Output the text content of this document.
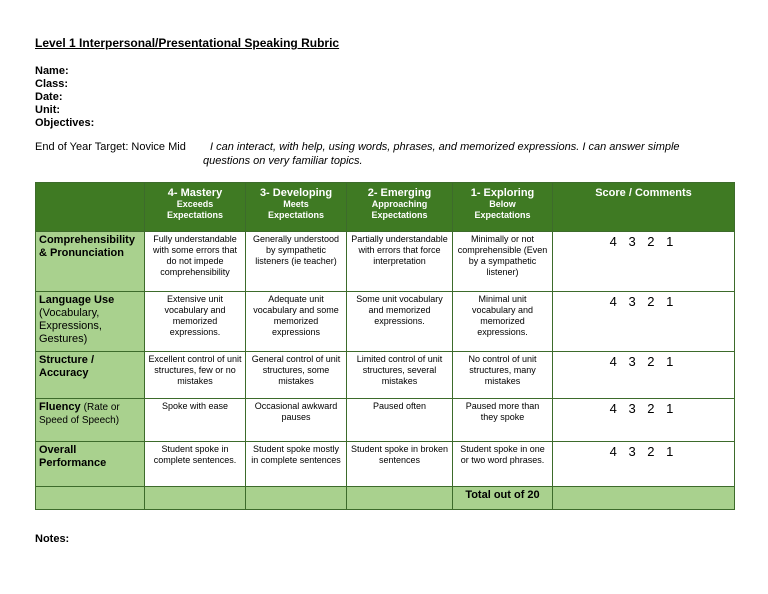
Level 1 Interpersonal/Presentational Speaking Rubric
Name:
Class:
Date:
Unit:
Objectives:
End of Year Target: Novice Mid I can interact, with help, using words, phrases, and memorized expressions. I can answer simple
questions on very familiar topics.

	4- Mastery
Exceeds
Expectations	3- Developing
Meets
Expectations	2- Emerging
Approaching
Expectations	1- Exploring
Below
Expectations	Score / Comments

Comprehensibility & Pronunciation	Fully understandable with some errors that do not impede comprehensibility	Generally understood by sympathetic listeners (ie teacher)	Partially understandable with errors that force interpretation	Minimally or not comprehensible (Even by a sympathetic listener)	4 3 2 1
Language Use
(Vocabulary, Expressions, Gestures)	Extensive unit vocabulary and memorized expressions.	Adequate unit vocabulary and some memorized expressions	Some unit vocabulary and memorized expressions.	Minimal unit vocabulary and memorized expressions.	4 3 2 1
Structure / Accuracy	Excellent control of unit structures, few or no mistakes	General control of unit structures, some mistakes	Limited control of unit structures, several mistakes	No control of unit structures, many mistakes	4 3 2 1
Fluency (Rate or Speed of Speech)	Spoke with ease	Occasional awkward pauses	Paused often	Paused more than they spoke	4 3 2 1
Overall Performance	Student spoke in complete sentences.	Student spoke mostly in complete sentences	Student spoke in broken sentences	Student spoke in one or two word phrases.	4 3 2 1
				Total out of 20	
Notes:
